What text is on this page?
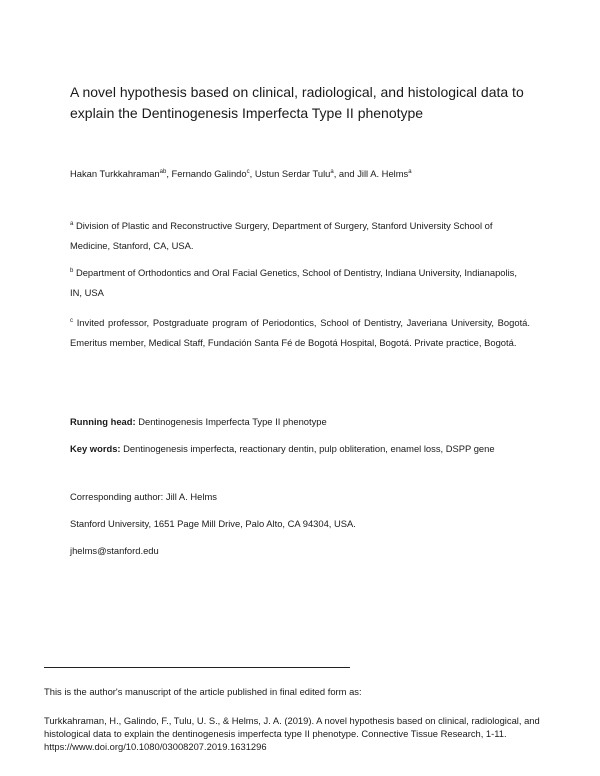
A novel hypothesis based on clinical, radiological, and histological data to explain the Dentinogenesis Imperfecta Type II phenotype
Hakan Turkkahraman$^{ab}$, Fernando Galindo$^c$, Ustun Serdar Tulu$^a$, and Jill A. Helms$^a$
$^a$ Division of Plastic and Reconstructive Surgery, Department of Surgery, Stanford University School of Medicine, Stanford, CA, USA.
$^b$ Department of Orthodontics and Oral Facial Genetics, School of Dentistry, Indiana University, Indianapolis, IN, USA
$^c$ Invited professor, Postgraduate program of Periodontics, School of Dentistry, Javeriana University, Bogotá. Emeritus member, Medical Staff, Fundación Santa Fé de Bogotá Hospital, Bogotá. Private practice, Bogotá.
Running head: Dentinogenesis Imperfecta Type II phenotype
Key words: Dentinogenesis imperfecta, reactionary dentin, pulp obliteration, enamel loss, DSPP gene
Corresponding author: Jill A. Helms
Stanford University, 1651 Page Mill Drive, Palo Alto, CA 94304, USA.
jhelms@stanford.edu
This is the author's manuscript of the article published in final edited form as:
Turkkahraman, H., Galindo, F., Tulu, U. S., & Helms, J. A. (2019). A novel hypothesis based on clinical, radiological, and histological data to explain the dentinogenesis imperfecta type II phenotype. Connective Tissue Research, 1-11. https://www.doi.org/10.1080/03008207.2019.1631296
